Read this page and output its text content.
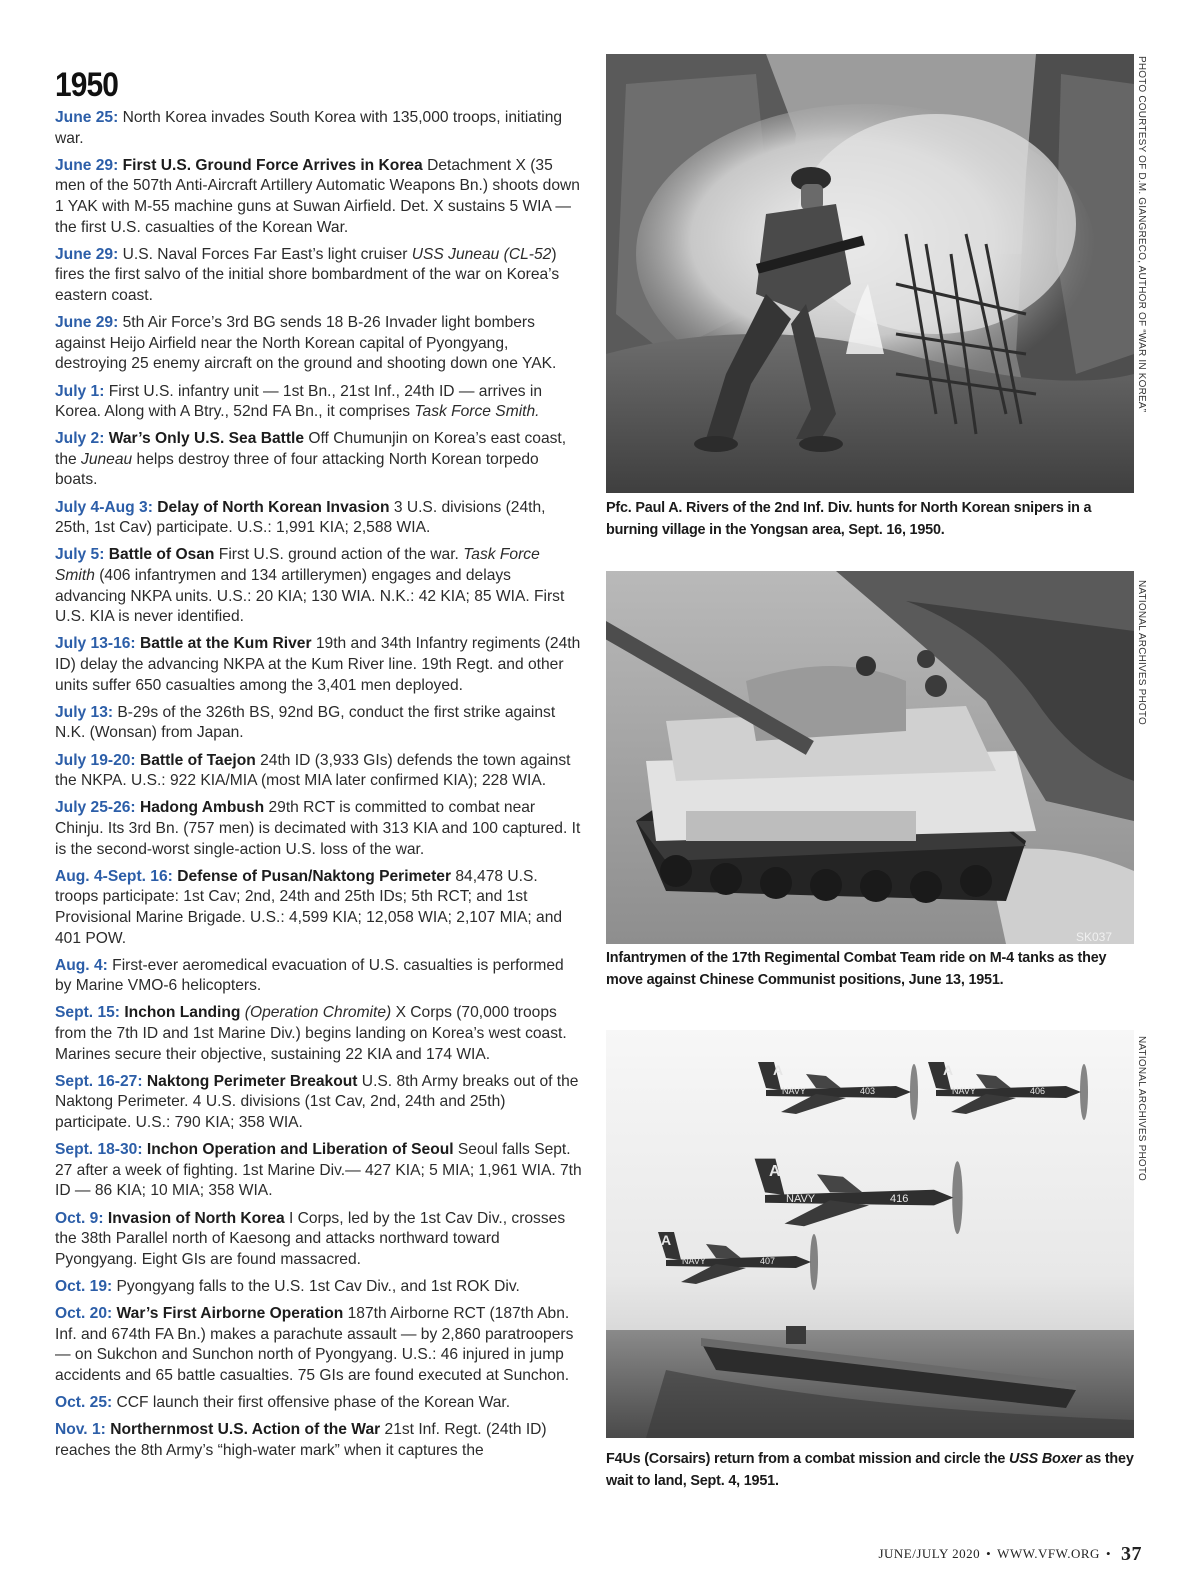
1950
June 25: North Korea invades South Korea with 135,000 troops, initiating war.
June 29: First U.S. Ground Force Arrives in Korea Detachment X (35 men of the 507th Anti-Aircraft Artillery Automatic Weapons Bn.) shoots down 1 YAK with M-55 machine guns at Suwan Airfield. Det. X sustains 5 WIA — the first U.S. casualties of the Korean War.
June 29: U.S. Naval Forces Far East’s light cruiser USS Juneau (CL-52) fires the first salvo of the initial shore bombardment of the war on Korea’s eastern coast.
June 29: 5th Air Force’s 3rd BG sends 18 B-26 Invader light bombers against Heijo Airfield near the North Korean capital of Pyongyang, destroying 25 enemy aircraft on the ground and shooting down one YAK.
July 1: First U.S. infantry unit — 1st Bn., 21st Inf., 24th ID — arrives in Korea. Along with A Btry., 52nd FA Bn., it comprises Task Force Smith.
July 2: War’s Only U.S. Sea Battle Off Chumunjin on Korea’s east coast, the Juneau helps destroy three of four attacking North Korean torpedo boats.
July 4-Aug 3: Delay of North Korean Invasion 3 U.S. divisions (24th, 25th, 1st Cav) participate. U.S.: 1,991 KIA; 2,588 WIA.
July 5: Battle of Osan First U.S. ground action of the war. Task Force Smith (406 infantrymen and 134 artillerymen) engages and delays advancing NKPA units. U.S.: 20 KIA; 130 WIA. N.K.: 42 KIA; 85 WIA. First U.S. KIA is never identified.
July 13-16: Battle at the Kum River 19th and 34th Infantry regiments (24th ID) delay the advancing NKPA at the Kum River line. 19th Regt. and other units suffer 650 casualties among the 3,401 men deployed.
July 13: B-29s of the 326th BS, 92nd BG, conduct the first strike against N.K. (Wonsan) from Japan.
July 19-20: Battle of Taejon 24th ID (3,933 GIs) defends the town against the NKPA. U.S.: 922 KIA/MIA (most MIA later confirmed KIA); 228 WIA.
July 25-26: Hadong Ambush 29th RCT is committed to combat near Chinju. Its 3rd Bn. (757 men) is decimated with 313 KIA and 100 captured. It is the second-worst single-action U.S. loss of the war.
Aug. 4-Sept. 16: Defense of Pusan/Naktong Perimeter 84,478 U.S. troops participate: 1st Cav; 2nd, 24th and 25th IDs; 5th RCT; and 1st Provisional Marine Brigade. U.S.: 4,599 KIA; 12,058 WIA; 2,107 MIA; and 401 POW.
Aug. 4: First-ever aeromedical evacuation of U.S. casualties is performed by Marine VMO-6 helicopters.
Sept. 15: Inchon Landing (Operation Chromite) X Corps (70,000 troops from the 7th ID and 1st Marine Div.) begins landing on Korea’s west coast. Marines secure their objective, sustaining 22 KIA and 174 WIA.
Sept. 16-27: Naktong Perimeter Breakout U.S. 8th Army breaks out of the Naktong Perimeter. 4 U.S. divisions (1st Cav, 2nd, 24th and 25th) participate. U.S.: 790 KIA; 358 WIA.
Sept. 18-30: Inchon Operation and Liberation of Seoul Seoul falls Sept. 27 after a week of fighting. 1st Marine Div.— 427 KIA; 5 MIA; 1,961 WIA. 7th ID — 86 KIA; 10 MIA; 358 WIA.
Oct. 9: Invasion of North Korea I Corps, led by the 1st Cav Div., crosses the 38th Parallel north of Kaesong and attacks northward toward Pyongyang. Eight GIs are found massacred.
Oct. 19: Pyongyang falls to the U.S. 1st Cav Div., and 1st ROK Div.
Oct. 20: War’s First Airborne Operation 187th Airborne RCT (187th Abn. Inf. and 674th FA Bn.) makes a parachute assault — by 2,860 paratroopers — on Sukchon and Sunchon north of Pyongyang. U.S.: 46 injured in jump accidents and 65 battle casualties. 75 GIs are found executed at Sunchon.
Oct. 25: CCF launch their first offensive phase of the Korean War.
Nov. 1: Northernmost U.S. Action of the War 21st Inf. Regt. (24th ID) reaches the 8th Army’s “high-water mark” when it captures the
Pfc. Paul A. Rivers of the 2nd Inf. Div. hunts for North Korean snipers in a burning village in the Yongsan area, Sept. 16, 1950.
PHOTO COURTESY OF D.M. GIANGRECO, AUTHOR OF “WAR IN KOREA”
SK037
Infantrymen of the 17th Regimental Combat Team ride on M-4 tanks as they move against Chinese Communist positions, June 13, 1951.
NATIONAL ARCHIVES PHOTO
NAVY
A
403	NAVY
A
406
NAVY
A
416
NAVY
A
407
F4Us (Corsairs) return from a combat mission and circle the USS Boxer as they wait to land, Sept. 4, 1951.
NATIONAL ARCHIVES PHOTO
JUNE/JULY 2020 • WWW.VFW.ORG • 37
